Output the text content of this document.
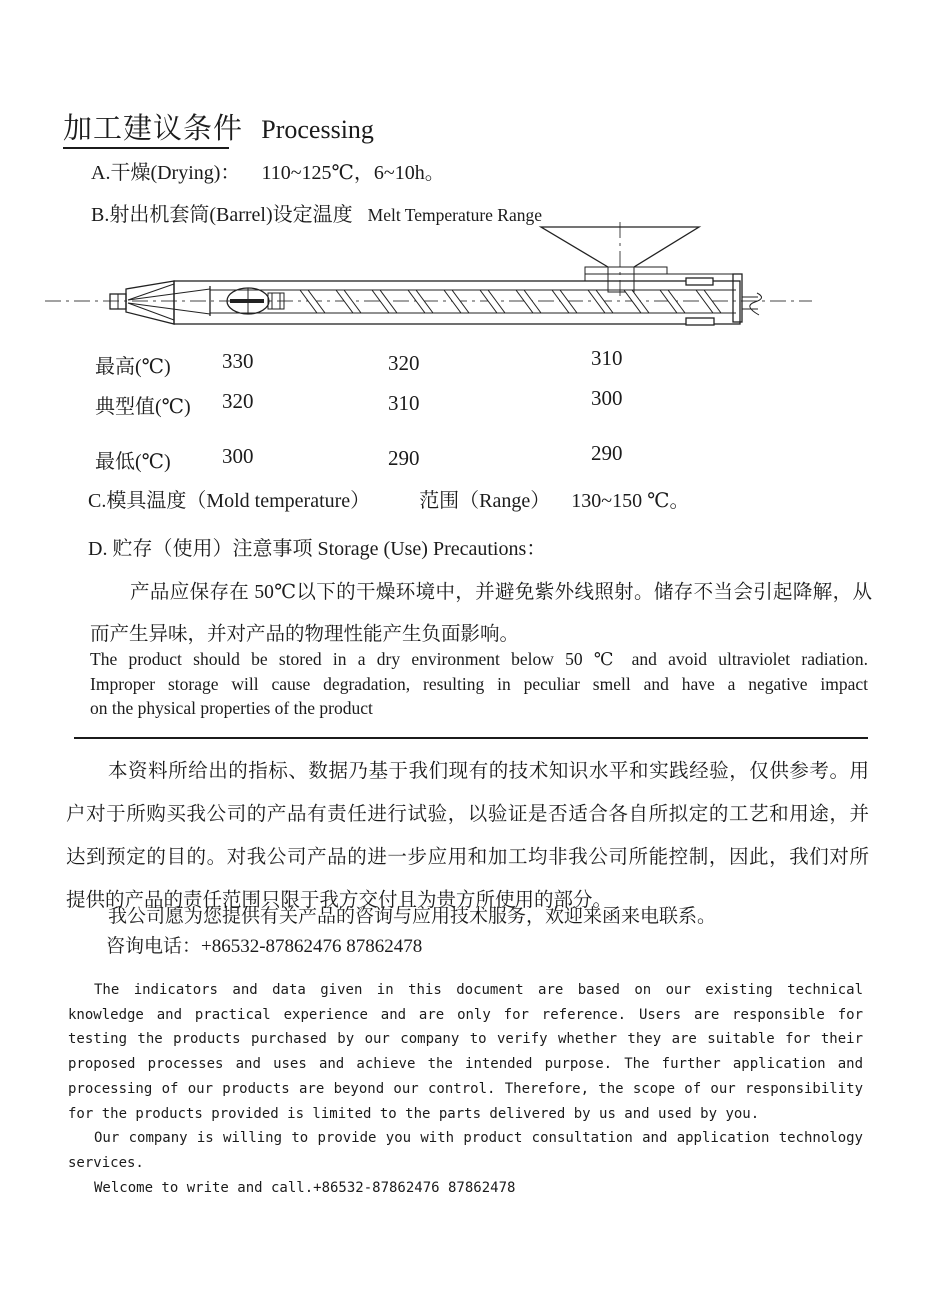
加工建议条件 Processing
A.干燥(Drying)： 110~125℃，6~10h。
B.射出机套筒(Barrel)设定温度 Melt Temperature Range
最高(℃) 330	320	310
典型值(℃) 320	310	300
最低(℃) 300	290	290
C.模具温度（Mold temperature） 范围（Range） 130~150 ℃。
D. 贮存（使用）注意事项 Storage (Use) Precautions：
产品应保存在 50℃以下的干燥环境中，并避免紫外线照射。储存不当会引起降解，从
而产生异味，并对产品的物理性能产生负面影响。
The product should be stored in a dry environment below 50 ℃ and avoid ultraviolet radiation.
Improper storage will cause degradation, resulting in peculiar smell and have a negative impact
on the physical properties of the product
本资料所给出的指标、数据乃基于我们现有的技术知识水平和实践经验，仅供参考。用
户对于所购买我公司的产品有责任进行试验，以验证是否适合各自所拟定的工艺和用途，并
达到预定的目的。对我公司产品的进一步应用和加工均非我公司所能控制，因此，我们对所
提供的产品的责任范围只限于我方交付且为贵方所使用的部分。
我公司愿为您提供有关产品的咨询与应用技术服务，欢迎来函来电联系。
咨询电话：+86532-87862476 87862478
The indicators and data given in this document are based on our existing technical
knowledge and practical experience and are only for reference. Users are responsible for
testing the products purchased by our company to verify whether they are suitable for their
proposed processes and uses and achieve the intended purpose. The further application and
processing of our products are beyond our control. Therefore, the scope of our responsibility
for the products provided is limited to the parts delivered by us and used by you.
Our company is willing to provide you with product consultation and application technology
services.
Welcome to write and call.+86532-87862476 87862478
